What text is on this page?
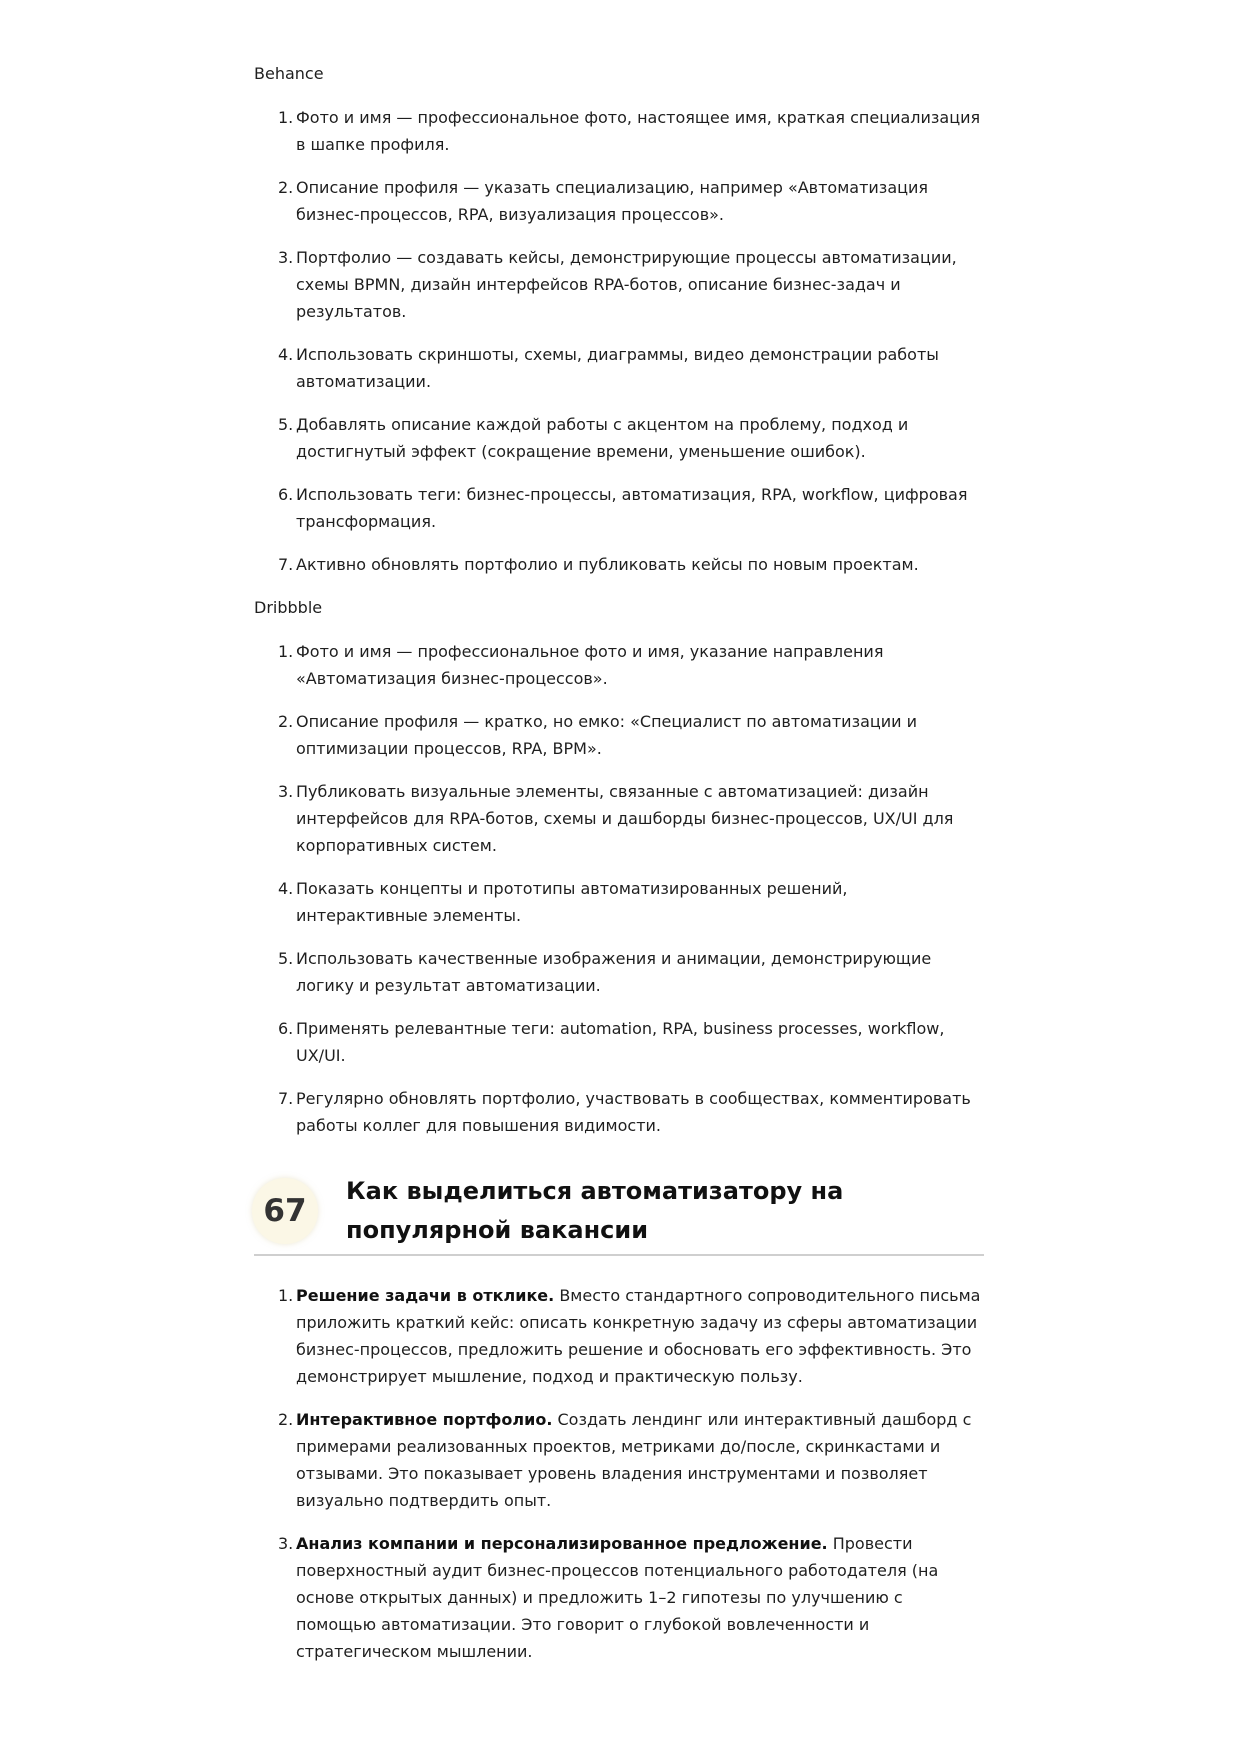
Behance

1. Фото и имя — профессиональное фото, настоящее имя, краткая специализация в шапке профиля.
2. Описание профиля — указать специализацию, например «Автоматизация бизнес-процессов, RPA, визуализация процессов».
3. Портфолио — создавать кейсы, демонстрирующие процессы автоматизации, схемы BPMN, дизайн интерфейсов RPA-ботов, описание бизнес-задач и результатов.
4. Использовать скриншоты, схемы, диаграммы, видео демонстрации работы автоматизации.
5. Добавлять описание каждой работы с акцентом на проблему, подход и достигнутый эффект (сокращение времени, уменьшение ошибок).
6. Использовать теги: бизнес-процессы, автоматизация, RPA, workflow, цифровая трансформация.
7. Активно обновлять портфолио и публиковать кейсы по новым проектам.

Dribbble

1. Фото и имя — профессиональное фото и имя, указание направления «Автоматизация бизнес-процессов».
2. Описание профиля — кратко, но емко: «Специалист по автоматизации и оптимизации процессов, RPA, BPM».
3. Публиковать визуальные элементы, связанные с автоматизацией: дизайн интерфейсов для RPA-ботов, схемы и дашборды бизнес-процессов, UX/UI для корпоративных систем.
4. Показать концепты и прототипы автоматизированных решений, интерактивные элементы.
5. Использовать качественные изображения и анимации, демонстрирующие логику и результат автоматизации.
6. Применять релевантные теги: automation, RPA, business processes, workflow, UX/UI.
7. Регулярно обновлять портфолио, участвовать в сообществах, комментировать работы коллег для повышения видимости.
67
Как выделиться автоматизатору на популярной вакансии
1. Решение задачи в отклике. Вместо стандартного сопроводительного письма приложить краткий кейс: описать конкретную задачу из сферы автоматизации бизнес-процессов, предложить решение и обосновать его эффективность. Это демонстрирует мышление, подход и практическую пользу.
2. Интерактивное портфолио. Создать лендинг или интерактивный дашборд с примерами реализованных проектов, метриками до/после, скринкастами и отзывами. Это показывает уровень владения инструментами и позволяет визуально подтвердить опыт.
3. Анализ компании и персонализированное предложение. Провести поверхностный аудит бизнес-процессов потенциального работодателя (на основе открытых данных) и предложить 1–2 гипотезы по улучшению с помощью автоматизации. Это говорит о глубокой вовлеченности и стратегическом мышлении.
